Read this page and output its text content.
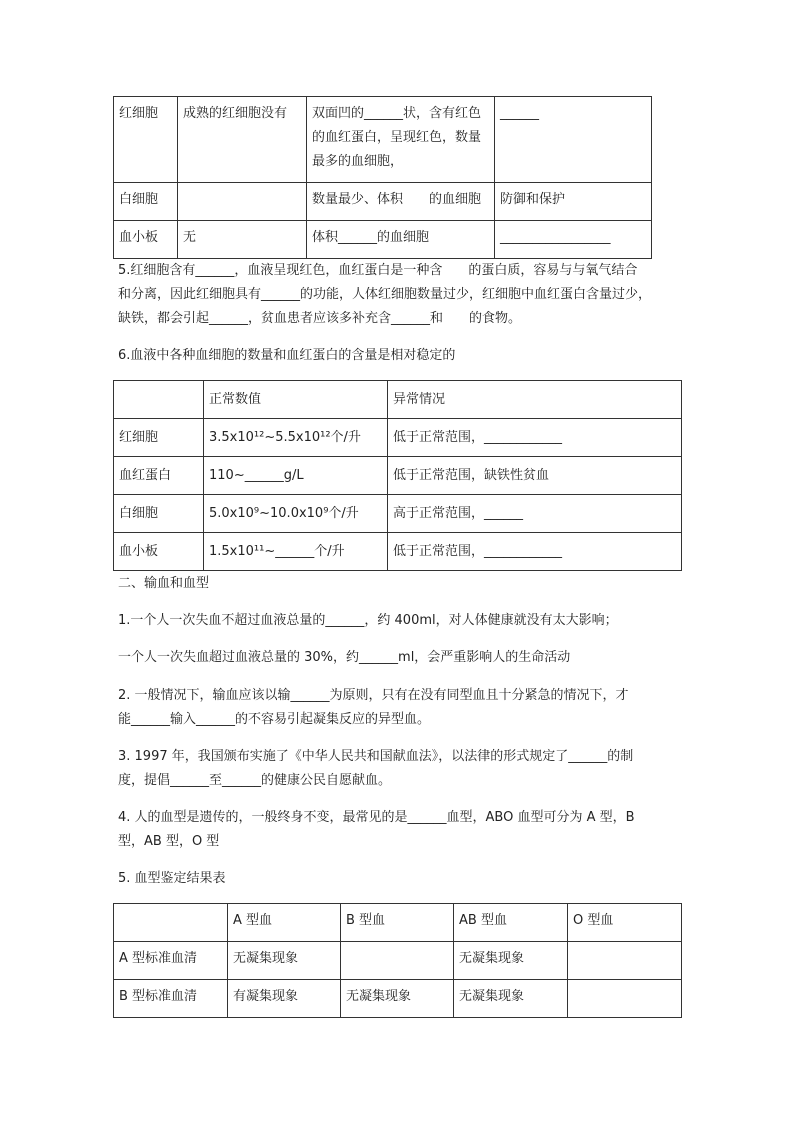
红细胞	成熟的红细胞没有	双面凹的______状，含有红色的血红蛋白，呈现红色，数量最多的血细胞，	______
白细胞		数量最少、体积　　的血细胞	防御和保护
血小板	无	体积______的血细胞	_________________
5.红细胞含有______，血液呈现红色，血红蛋白是一种含　　的蛋白质，容易与与氧气结合
和分离，因此红细胞具有______的功能，人体红细胞数量过少，红细胞中血红蛋白含量过少，
缺铁，都会引起______，贫血患者应该多补充含______和　　的食物。
6.血液中各种血细胞的数量和血红蛋白的含量是相对稳定的
	正常数值	异常情况
红细胞	3.5x10¹²~5.5x10¹²个/升	低于正常范围，____________
血红蛋白	110~______g/L	低于正常范围，缺铁性贫血
白细胞	5.0x10⁹~10.0x10⁹个/升	高于正常范围，______
血小板	1.5x10¹¹~______个/升	低于正常范围，____________
二、输血和血型
1.一个人一次失血不超过血液总量的______，约 400ml，对人体健康就没有太大影响；
一个人一次失血超过血液总量的 30%，约______ml，会严重影响人的生命活动
2. 一般情况下，输血应该以输______为原则，只有在没有同型血且十分紧急的情况下，才
能______输入______的不容易引起凝集反应的异型血。
3. 1997 年，我国颁布实施了《中华人民共和国献血法》，以法律的形式规定了______的制
度，提倡______至______的健康公民自愿献血。
4. 人的血型是遗传的，一般终身不变，最常见的是______血型，ABO 血型可分为 A 型，B
型，AB 型，O 型
5. 血型鉴定结果表
	A 型血	B 型血	AB 型血	O 型血
A 型标准血清	无凝集现象		无凝集现象	
B 型标准血清	有凝集现象	无凝集现象	无凝集现象	
